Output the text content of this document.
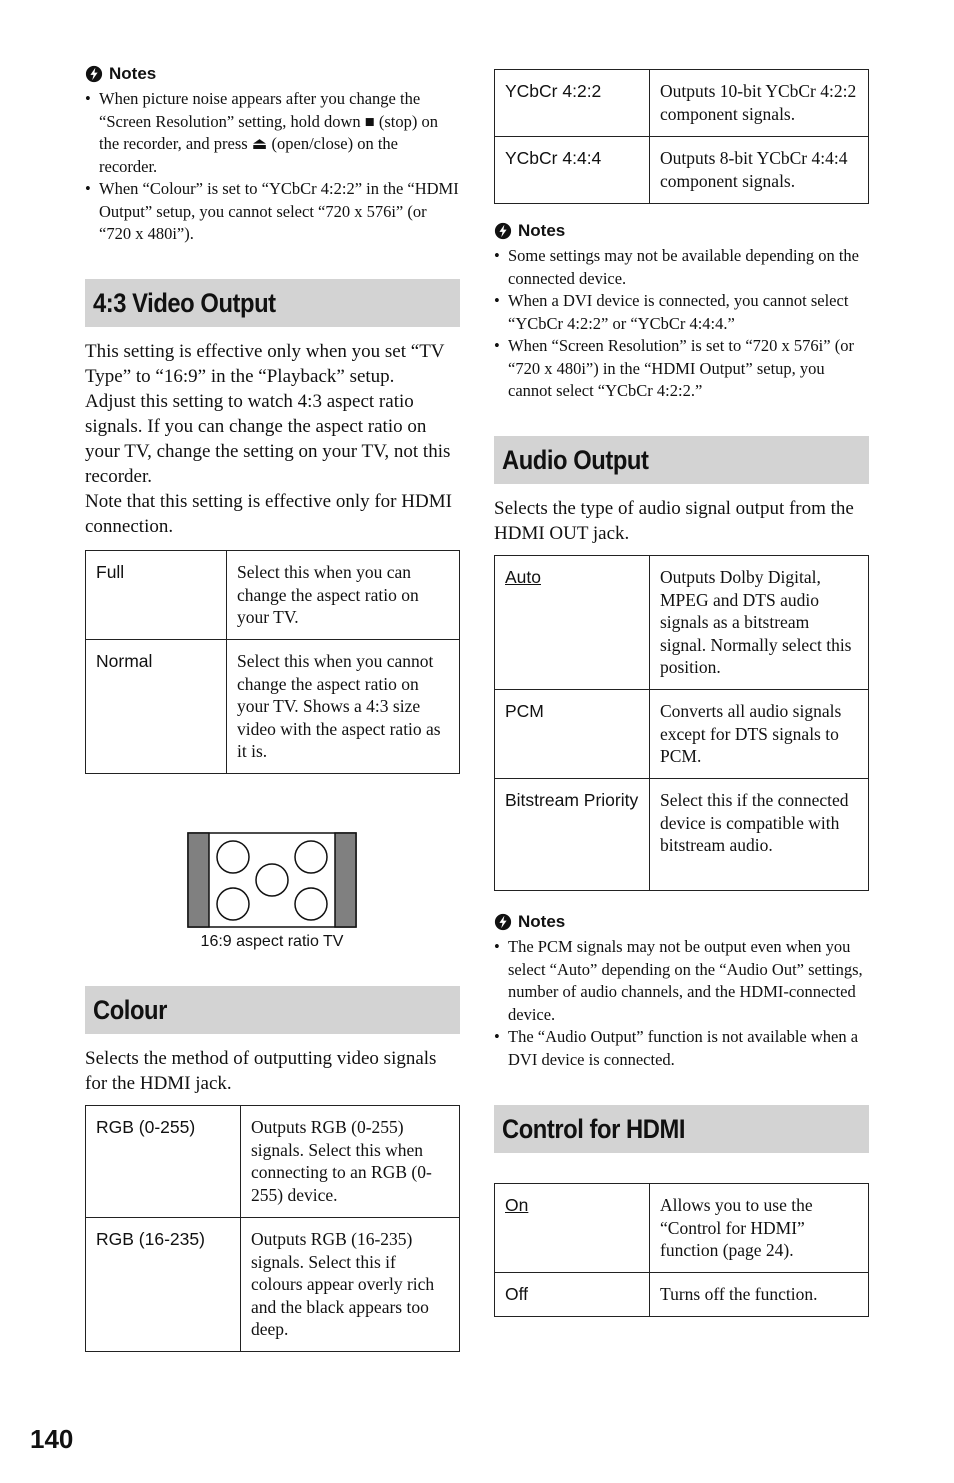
Notes
• When picture noise appears after you change the “Screen Resolution” setting, hold down ■ (stop) on the recorder, and press ⏏ (open/close) on the recorder.
• When “Colour” is set to “YCbCr 4:2:2” in the “HDMI Output” setup, you cannot select “720 x 576i” (or “720 x 480i”).
4:3 Video Output

This setting is effective only when you set “TV Type” to “16:9” in the “Playback” setup.

Adjust this setting to watch 4:3 aspect ratio signals. If you can change the aspect ratio on your TV, change the setting on your TV, not this recorder.

Note that this setting is effective only for HDMI connection.

Full	Select this when you can change the aspect ratio on your TV.
Normal	Select this when you cannot change the aspect ratio on your TV. Shows a 4:3 size video with the aspect ratio as it is.
16:9 aspect ratio TV
Colour

Selects the method of outputting video signals for the HDMI jack.

RGB (0-255)	Outputs RGB (0-255) signals. Select this when connecting to an RGB (0-255) device.
RGB (16-235)	Outputs RGB (16-235) signals. Select this if colours appear overly rich and the black appears too deep.
YCbCr 4:2:2	Outputs 10-bit YCbCr 4:2:2 component signals.
YCbCr 4:4:4	Outputs 8-bit YCbCr 4:4:4 component signals.
Notes
• Some settings may not be available depending on the connected device.
• When a DVI device is connected, you cannot select “YCbCr 4:2:2” or “YCbCr 4:4:4.”
• When “Screen Resolution” is set to “720 x 576i” (or “720 x 480i”) in the “HDMI Output” setup, you cannot select “YCbCr 4:2:2.”
Audio Output

Selects the type of audio signal output from the HDMI OUT jack.

Auto	Outputs Dolby Digital, MPEG and DTS audio signals as a bitstream signal. Normally select this position.
PCM	Converts all audio signals except for DTS signals to PCM.
Bitstream Priority	Select this if the connected device is compatible with bitstream audio.
Notes
• The PCM signals may not be output even when you select “Auto” depending on the “Audio Out” settings, number of audio channels, and the HDMI-connected device.
• The “Audio Output” function is not available when a DVI device is connected.
Control for HDMI
On	Allows you to use the “Control for HDMI” function (page 24).
Off	Turns off the function.
140
